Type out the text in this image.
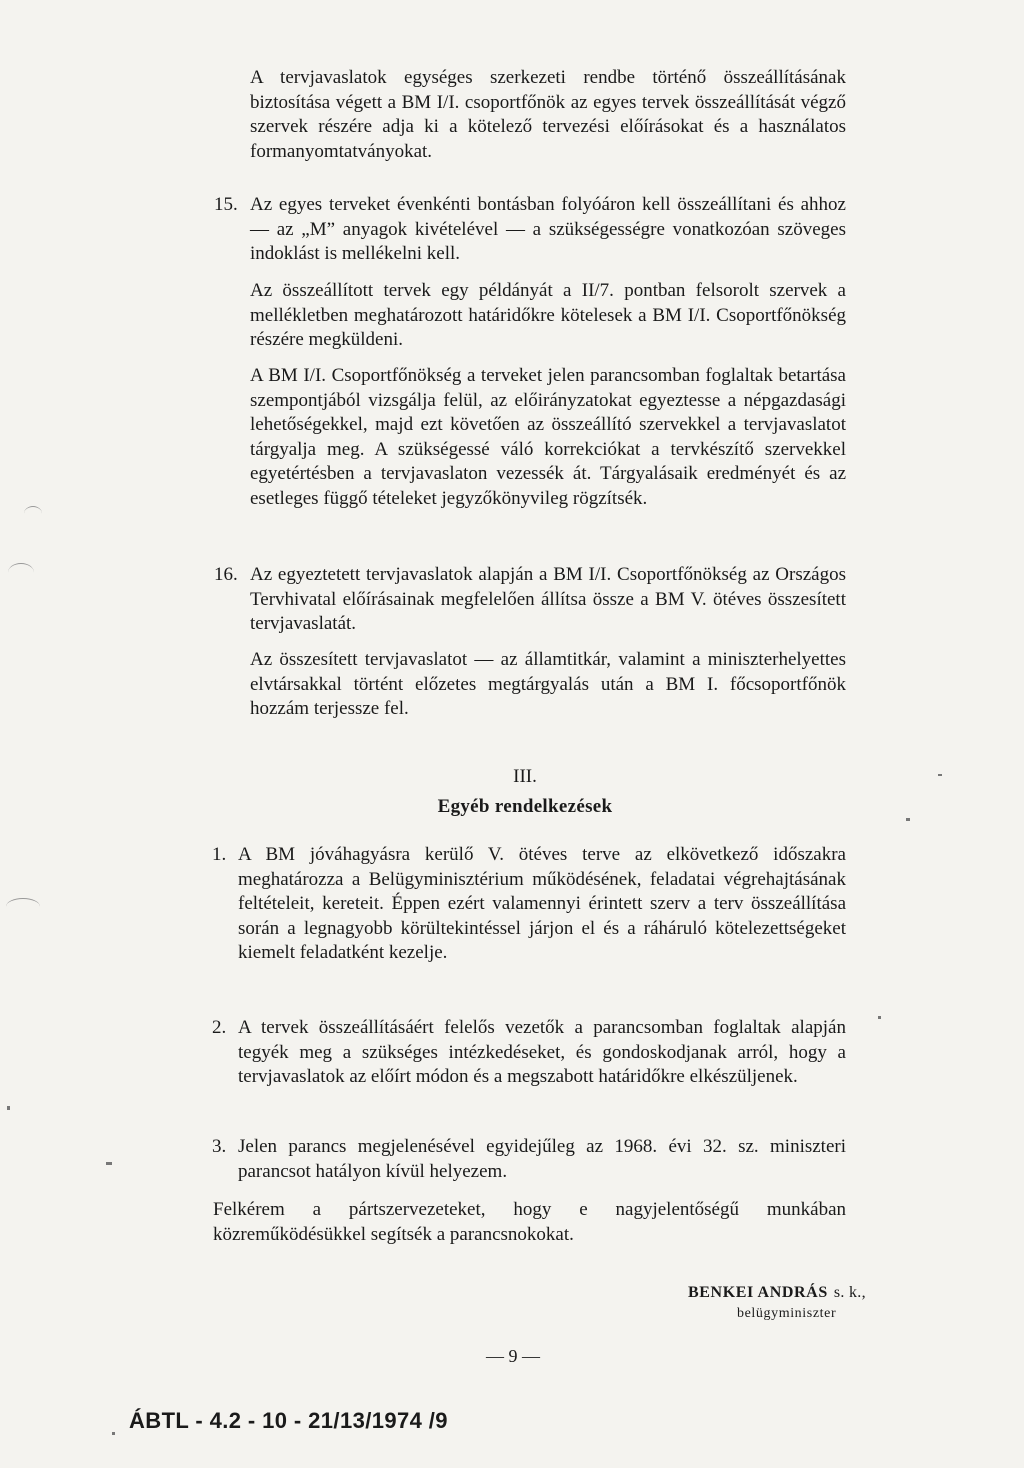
A tervjavaslatok egységes szerkezeti rendbe történő összeállításának biztosítása végett a BM I/I. csoportfőnök az egyes tervek összeállítását végző szervek részére adja ki a kötelező tervezési előírásokat és a használatos formanyomtatványokat.

15. Az egyes terveket évenkénti bontásban folyóáron kell összeállítani és ahhoz — az „M” anyagok kivételével — a szükségességre vonatkozóan szöveges indoklást is mellékelni kell.

Az összeállított tervek egy példányát a II/7. pontban felsorolt szervek a mellékletben meghatározott határidőkre kötelesek a BM I/I. Csoportfőnökség részére megküldeni.

A BM I/I. Csoportfőnökség a terveket jelen parancsomban foglaltak betartása szempontjából vizsgálja felül, az előirányzatokat egyeztesse a népgazdasági lehetőségekkel, majd ezt követően az összeállító szervekkel a tervjavaslatot tárgyalja meg. A szükségessé váló korrekciókat a tervkészítő szervekkel egyetértésben a tervjavaslaton vezessék át. Tárgyalásaik eredményét és az esetleges függő tételeket jegyzőkönyvileg rögzítsék.

16. Az egyeztetett tervjavaslatok alapján a BM I/I. Csoportfőnökség az Országos Tervhivatal előírásainak megfelelően állítsa össze a BM V. ötéves összesített tervjavaslatát.

Az összesített tervjavaslatot — az államtitkár, valamint a miniszterhelyettes elvtársakkal történt előzetes megtárgyalás után a BM I. főcsoportfőnök hozzám terjessze fel.

III.
Egyéb rendelkezések
1. A BM jóváhagyásra kerülő V. ötéves terve az elkövetkező időszakra meghatározza a Belügyminisztérium működésének, feladatai végrehajtásának feltételeit, kereteit. Éppen ezért valamennyi érintett szerv a terv összeállítása során a legnagyobb körültekintéssel járjon el és a ráháruló kötelezettségeket kiemelt feladatként kezelje.
2. A tervek összeállításáért felelős vezetők a parancsomban foglaltak alapján tegyék meg a szükséges intézkedéseket, és gondoskodjanak arról, hogy a tervjavaslatok az előírt módon és a megszabott határidőkre elkészüljenek.
3. Jelen parancs megjelenésével egyidejűleg az 1968. évi 32. sz. miniszteri parancsot hatályon kívül helyezem.

Felkérem a pártszervezeteket, hogy e nagyjelentőségű munkában közreműködésükkel segítsék a parancsnokokat.

BENKEI ANDRÁS s. k.,
belügyminiszter
— 9 —
ÁBTL - 4.2 - 10 - 21/13/1974 /9
